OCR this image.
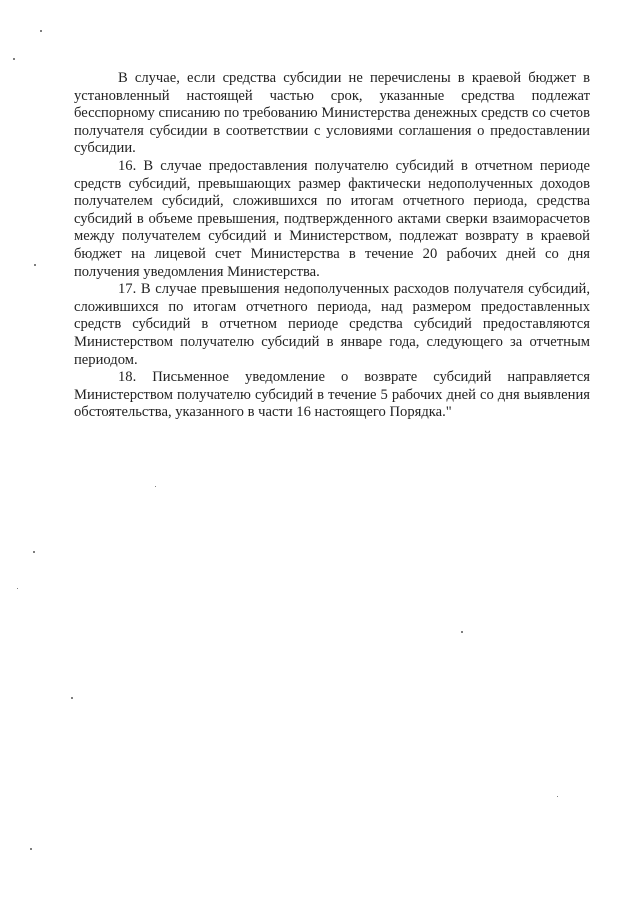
В случае, если средства субсидии не перечислены в краевой бюджет в установленный настоящей частью срок, указанные средства подлежат бесспорному списанию по требованию Министерства денежных средств со счетов получателя субсидии в соответствии с условиями соглашения о предоставлении субсидии.

16. В случае предоставления получателю субсидий в отчетном периоде средств субсидий, превышающих размер фактически недополученных доходов получателем субсидий, сложившихся по итогам отчетного периода, средства субсидий в объеме превышения, подтвержденного актами сверки взаиморасчетов между получателем субсидий и Министерством, подлежат возврату в краевой бюджет на лицевой счет Министерства в течение 20 рабочих дней со дня получения уведомления Министерства.

17. В случае превышения недополученных расходов получателя субсидий, сложившихся по итогам отчетного периода, над размером предоставленных средств субсидий в отчетном периоде средства субсидий предоставляются Министерством получателю субсидий в январе года, следующего за отчетным периодом.

18. Письменное уведомление о возврате субсидий направляется Министерством получателю субсидий в течение 5 рабочих дней со дня выявления обстоятельства, указанного в части 16 настоящего Порядка."
